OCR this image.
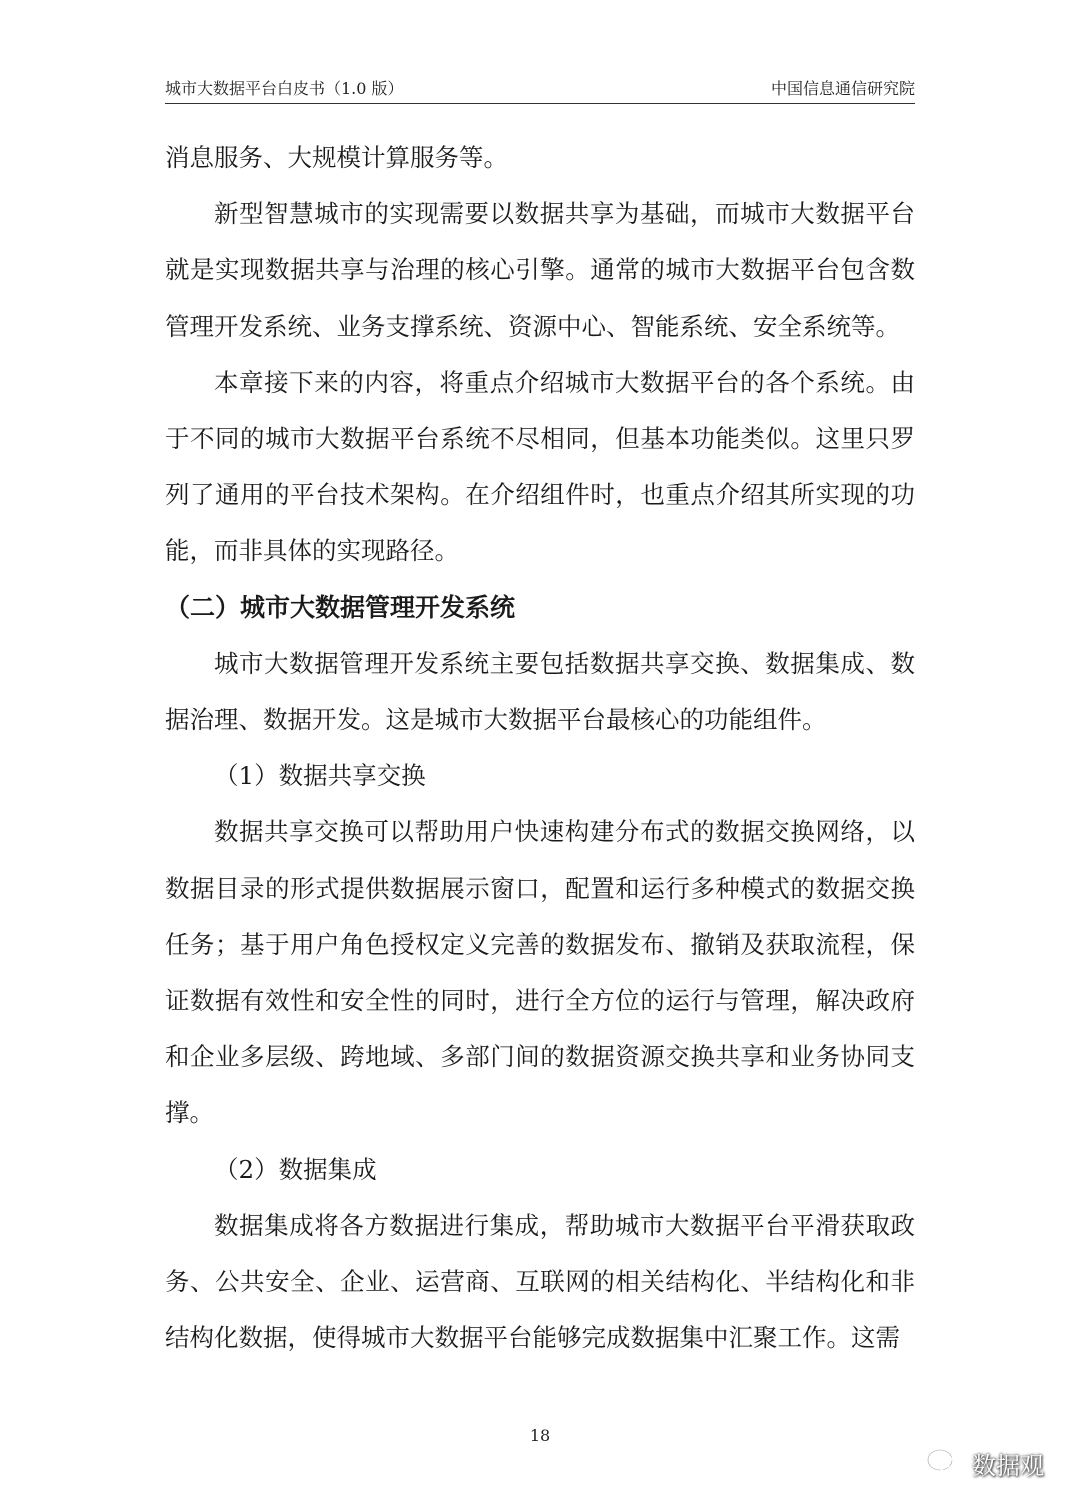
城市大数据平台白皮书（1.0 版）	中国信息通信研究院

消息服务、大规模计算服务等。

新型智慧城市的实现需要以数据共享为基础，而城市大数据平台就是实现数据共享与治理的核心引擎。通常的城市大数据平台包含数管理开发系统、业务支撑系统、资源中心、智能系统、安全系统等。

本章接下来的内容，将重点介绍城市大数据平台的各个系统。由于不同的城市大数据平台系统不尽相同，但基本功能类似。这里只罗列了通用的平台技术架构。在介绍组件时，也重点介绍其所实现的功能，而非具体的实现路径。

（二）城市大数据管理开发系统

城市大数据管理开发系统主要包括数据共享交换、数据集成、数据治理、数据开发。这是城市大数据平台最核心的功能组件。

（1）数据共享交换

数据共享交换可以帮助用户快速构建分布式的数据交换网络，以数据目录的形式提供数据展示窗口，配置和运行多种模式的数据交换任务；基于用户角色授权定义完善的数据发布、撤销及获取流程，保证数据有效性和安全性的同时，进行全方位的运行与管理，解决政府和企业多层级、跨地域、多部门间的数据资源交换共享和业务协同支撑。

（2）数据集成

数据集成将各方数据进行集成，帮助城市大数据平台平滑获取政务、公共安全、企业、运营商、互联网的相关结构化、半结构化和非结构化数据，使得城市大数据平台能够完成数据集中汇聚工作。这需

18
数据观
